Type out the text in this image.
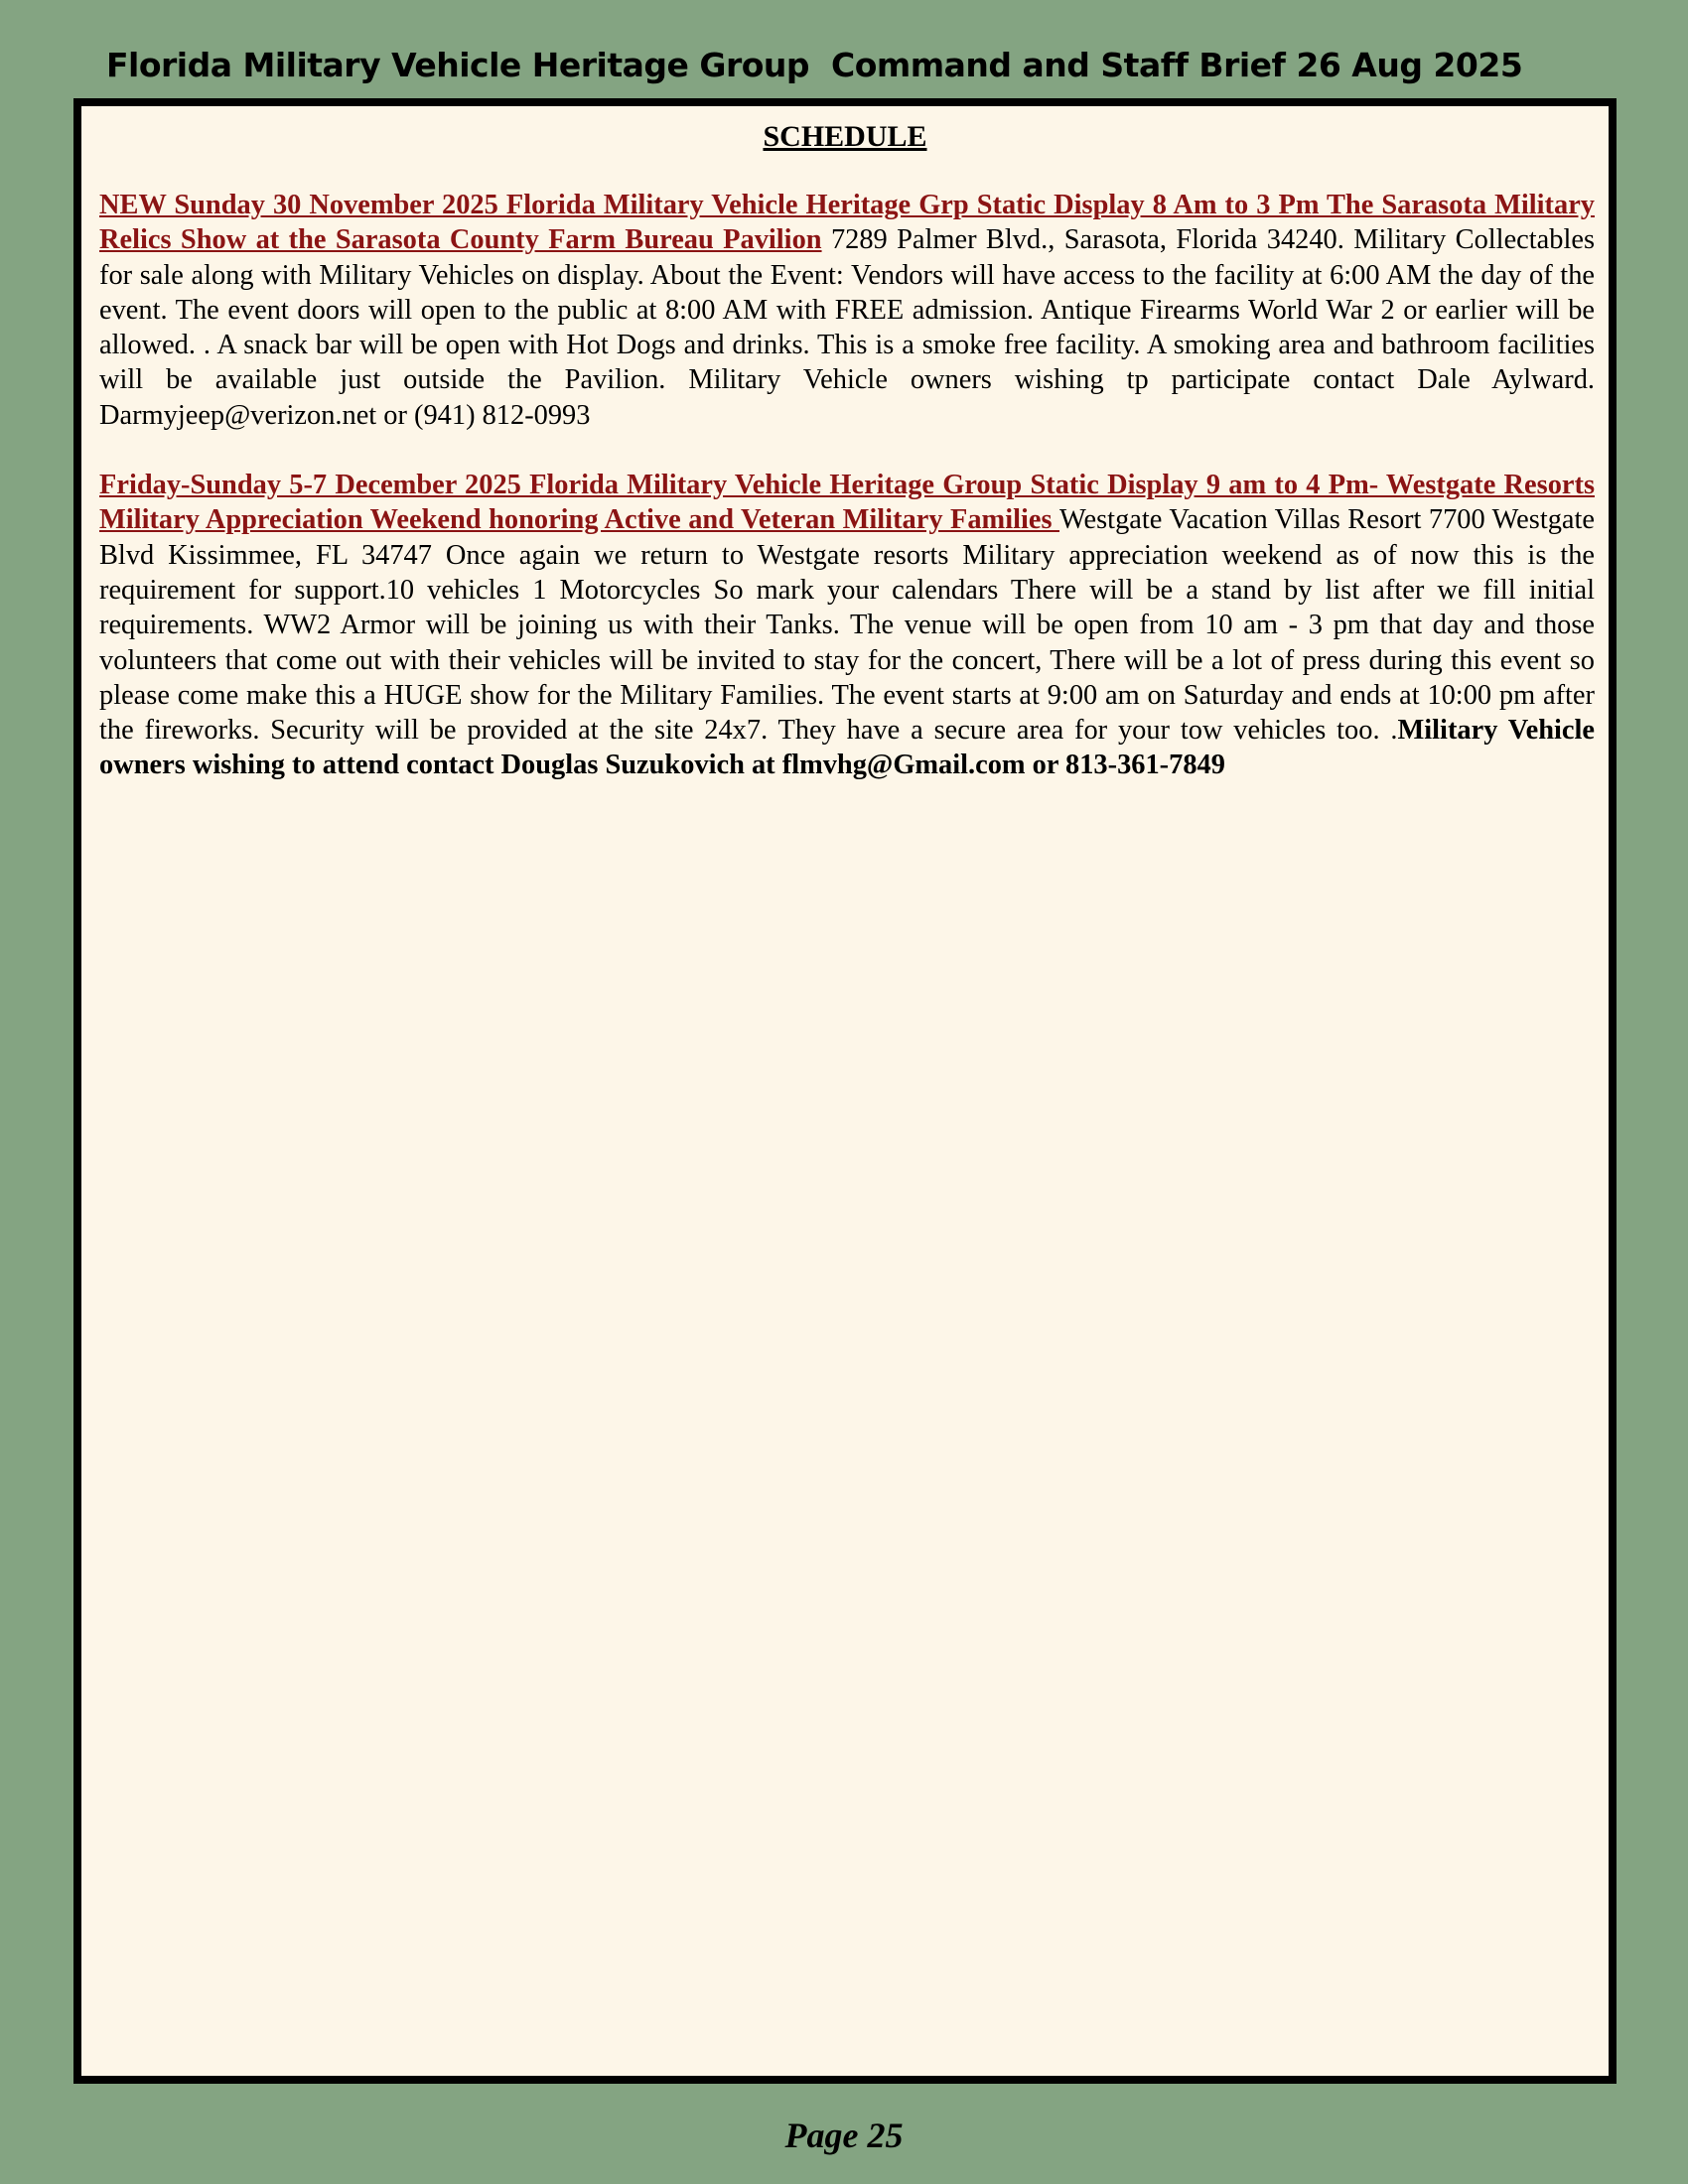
Florida Military Vehicle Heritage Group  Command and Staff Brief 26 Aug 2025
SCHEDULE

NEW Sunday 30 November 2025 Florida Military Vehicle Heritage Grp Static Display 8 Am to 3 Pm The Sarasota Military Relics Show at the Sarasota County Farm Bureau Pavilion 7289 Palmer Blvd., Sarasota, Florida 34240. Military Collectables for sale along with Military Vehicles on display. About the Event: Vendors will have access to the facility at 6:00 AM the day of the event. The event doors will open to the public at 8:00 AM with FREE admission. Antique Firearms World War 2 or earlier will be allowed. . A snack bar will be open with Hot Dogs and drinks. This is a smoke free facility. A smoking area and bathroom facilities will be available just outside the Pavilion. Military Vehicle owners wishing tp participate contact Dale Aylward. Darmyjeep@verizon.net or (941) 812-0993

Friday-Sunday 5-7 December 2025 Florida Military Vehicle Heritage Group Static Display 9 am to 4 Pm- Westgate Resorts Military Appreciation Weekend honoring Active and Veteran Military Families Westgate Vacation Villas Resort 7700 Westgate Blvd Kissimmee, FL 34747 Once again we return to Westgate resorts Military appreciation weekend as of now this is the requirement for support.10 vehicles 1 Motorcycles So mark your calendars There will be a stand by list after we fill initial requirements. WW2 Armor will be joining us with their Tanks. The venue will be open from 10 am - 3 pm that day and those volunteers that come out with their vehicles will be invited to stay for the concert, There will be a lot of press during this event so please come make this a HUGE show for the Military Families. The event starts at 9:00 am on Saturday and ends at 10:00 pm after the fireworks. Security will be provided at the site 24x7. They have a secure area for your tow vehicles too. .Military Vehicle owners wishing to attend contact Douglas Suzukovich at flmvhg@Gmail.com or 813-361-7849

Page 25
